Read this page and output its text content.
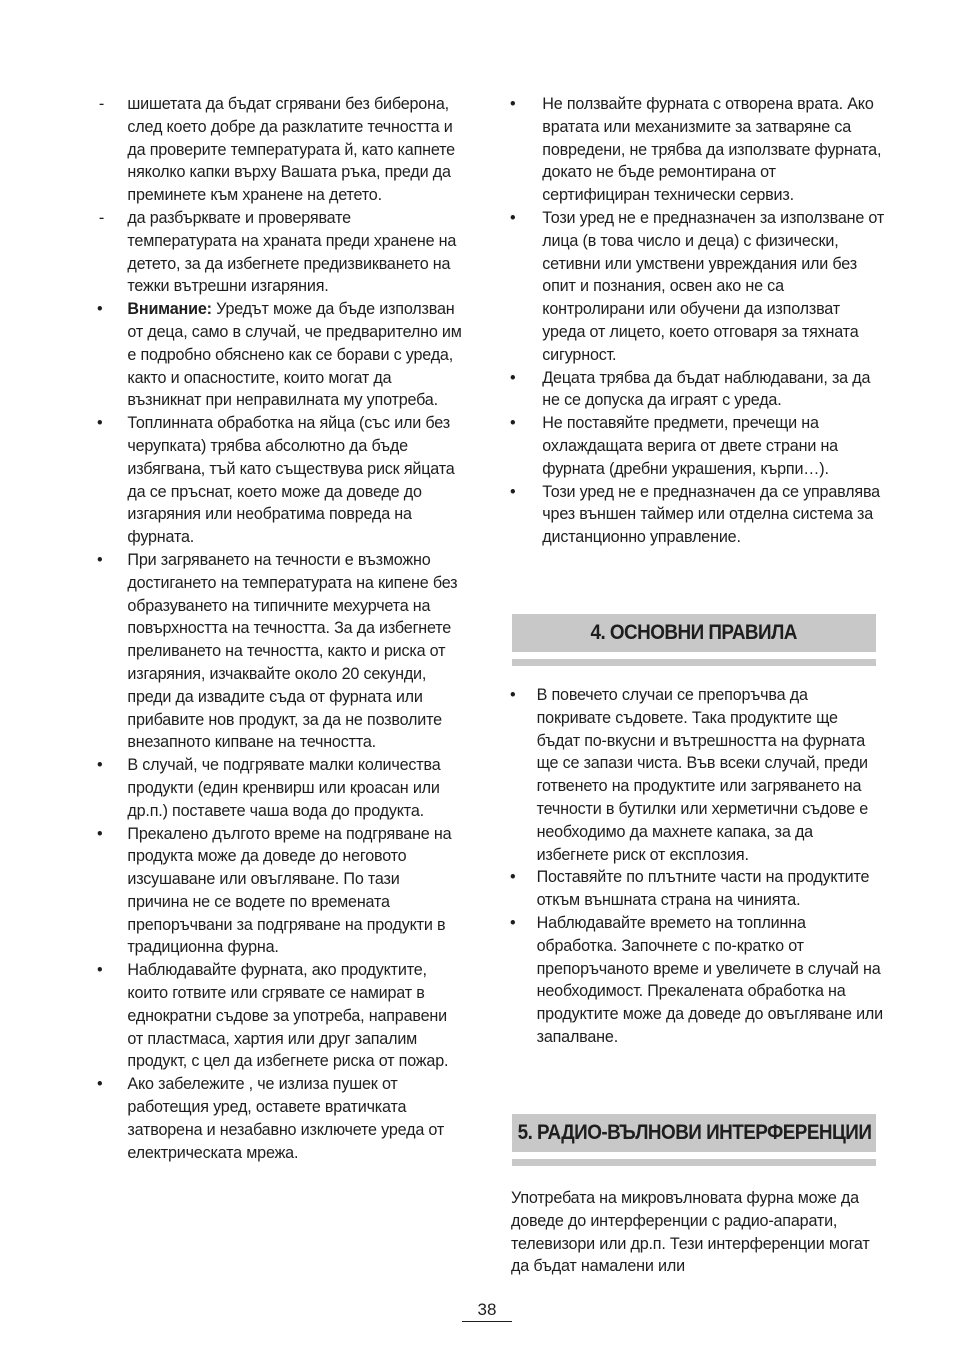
-	шишетата да бъдат сгрявани без биберона, след което добре да разклатите течността и да проверите температурата й, като капнете няколко капки върху Вашата ръка, преди да преминете към хранене на детето.

-	да разбърквате и проверявате температурата на храната преди хранене на детето, за да избегнете предизвикването на тежки вътрешни изгаряния.

•	Внимание: Уредът може да бъде използван от деца, само в случай, че предварително им е подробно обяснено как се борави с уреда, както и опасностите, които могат да възникнат при неправилната му употреба.

•	Топлинната обработка на яйца (със или без черупката) трябва абсолютно да бъде избягвана, тъй като съществува риск яйцата да се пръснат, което може да доведе до изгаряния или необратима повреда на фурната.

•	При загряването на течности е възможно достигането на температурата на кипене без образуването на типичните мехурчета на повърхността на течността. За да избегнете преливането на течността, както и риска от изгаряния, изчаквайте около 20 секунди, преди да извадите съда от фурната или прибавите нов продукт, за да не позволите внезапното кипване на течността.

•	В случай, че подгрявате малки количества продукти (един кренвирш или кроасан или др.п.) поставете чаша вода до продукта.

•	Прекалено дългото време на подгряване на продукта може да доведе до неговото изсушаване или овъгляване. По тази причина не се водете по времената препоръчвани за подгряване на продукти в традиционна фурна.

•	Наблюдавайте фурната, ако продуктите, които готвите или сгрявате се намират в еднократни съдове за употреба, направени от пластмаса, хартия или друг запалим продукт, с цел да избегнете риска от пожар.

•	Ако забележите , че излиза пушек от работещия уред, оставете вратичката затворена и незабавно изключете уреда от електрическата мрежа.

•	Не ползвайте фурната с отворена врата. Ако вратата или механизмите за затваряне са повредени, не трябва да използвате фурната, докато не бъде ремонтирана от сертифициран технически сервиз.

•	Този уред не е предназначен за използване от лица (в това число и деца) с физически, сетивни или умствени увреждания или без опит и познания, освен ако не са контролирани или обучени да използват уреда от лицето, което отговаря за тяхната сигурност.

•	Децата трябва да бъдат наблюдавани, за да не се допуска да играят с уреда.

•	Не поставяйте предмети, пречещи на охлаждащата верига от двете страни на фурната (дребни украшения, кърпи…).

•	Този уред не е предназначен да се управлява чрез външен таймер или отделна система за дистанционно управление.

4. ОСНОВНИ ПРАВИЛА
•	В повечето случаи се препоръчва да покривате съдовете. Така продуктите ще бъдат по-вкусни и вътрешността на фурната ще се запази чиста. Във всеки случай, преди готвенето на продуктите или загряването на течности в бутилки или херметични съдове е необходимо да махнете капака, за да избегнете риск от експлозия.

•	Поставяйте по плътните части на продуктите откъм външната страна на чинията.

•	Наблюдавайте времето на топлинна обработка. Започнете с по-кратко от препоръчаното време и увеличете в случай на необходимост. Прекалената обработка на продуктите може да доведе до овъгляване или запалване.

5. РАДИО-ВЪЛНОВИ ИНТЕРФЕРЕНЦИИ

Употребата на микровълновата фурна може да доведе до интерференции с радио-апарати, телевизори или др.п. Тези интерференции могат да бъдат намалени или

38
